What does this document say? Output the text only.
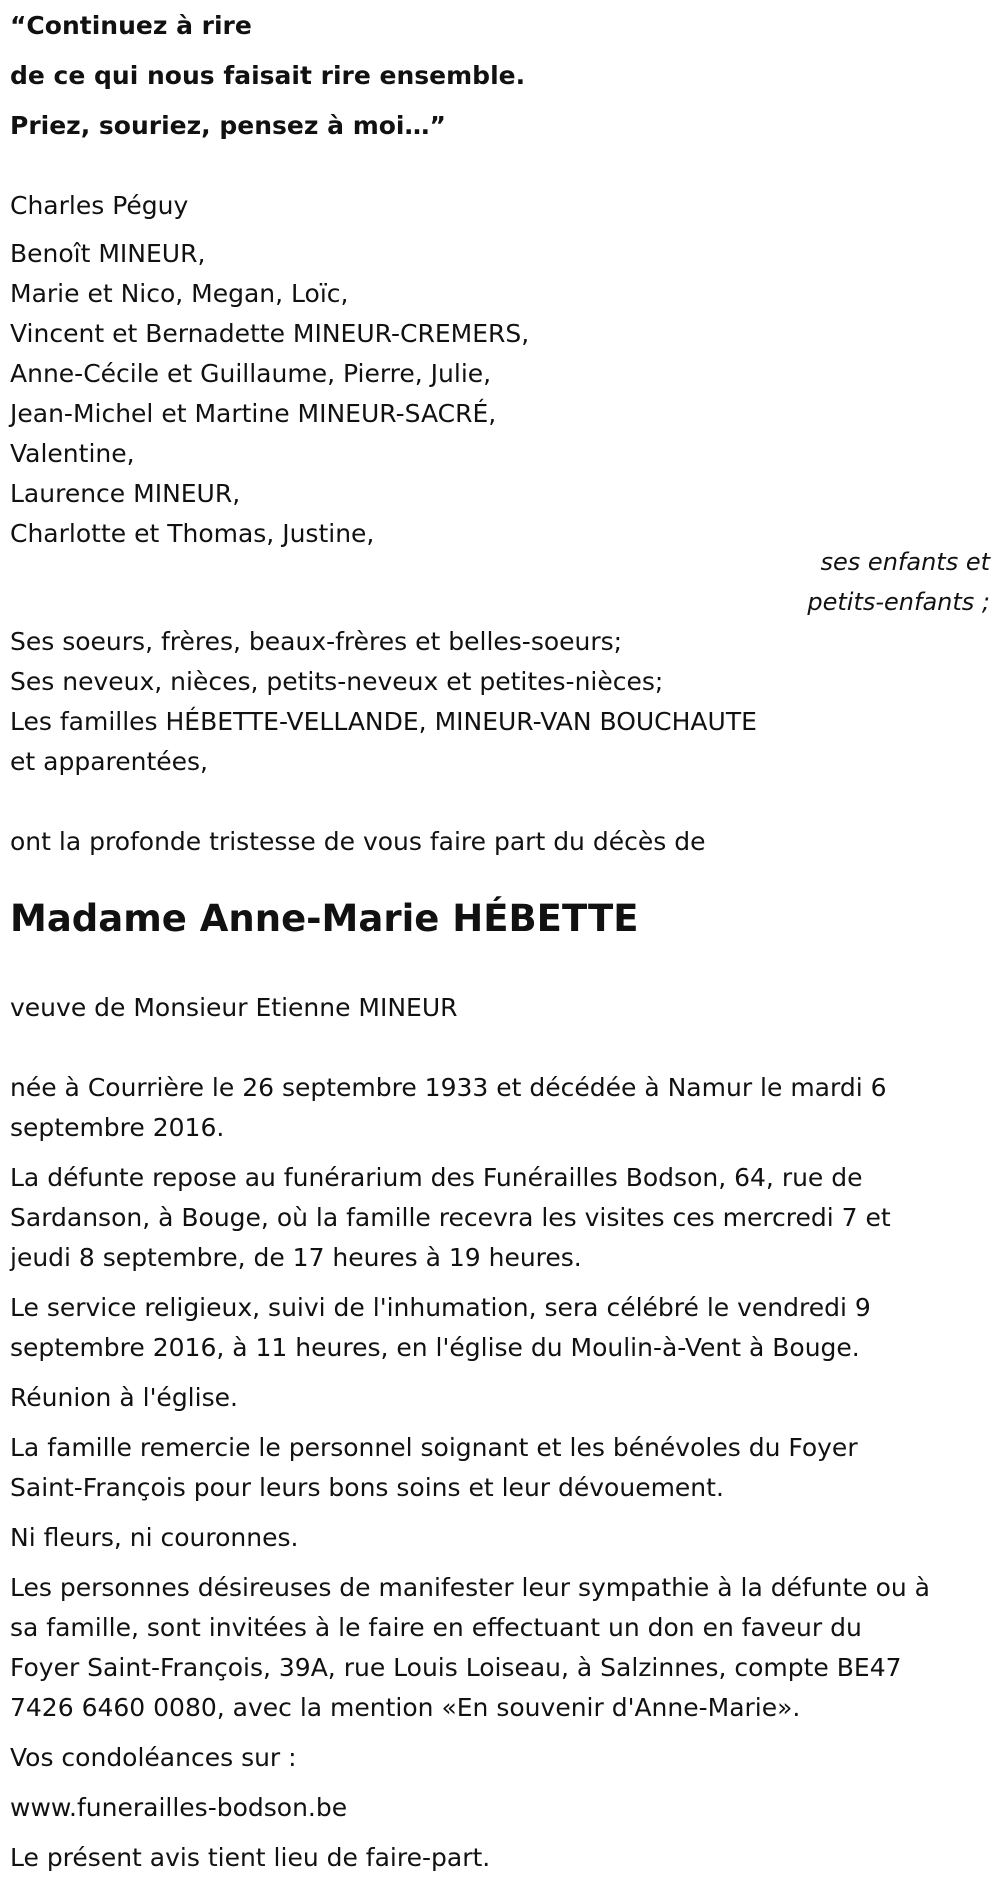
“Continuez à rire
de ce qui nous faisait rire ensemble.
Priez, souriez, pensez à moi…”
Charles Péguy
Benoît MINEUR,
Marie et Nico, Megan, Loïc,
Vincent et Bernadette MINEUR-CREMERS,
Anne-Cécile et Guillaume, Pierre, Julie,
Jean-Michel et Martine MINEUR-SACRÉ,
Valentine,
Laurence MINEUR,
Charlotte et Thomas, Justine,
ses enfants et
petits-enfants ;
Ses soeurs, frères, beaux-frères et belles-soeurs;
Ses neveux, nièces, petits-neveux et petites-nièces;
Les familles HÉBETTE-VELLANDE, MINEUR-VAN BOUCHAUTE
et apparentées,
ont la profonde tristesse de vous faire part du décès de
Madame Anne-Marie HÉBETTE
veuve de Monsieur Etienne MINEUR
née à Courrière le 26 septembre 1933 et décédée à Namur le mardi 6
septembre 2016.
La défunte repose au funérarium des Funérailles Bodson, 64, rue de
Sardanson, à Bouge, où la famille recevra les visites ces mercredi 7 et
jeudi 8 septembre, de 17 heures à 19 heures.
Le service religieux, suivi de l'inhumation, sera célébré le vendredi 9
septembre 2016, à 11 heures, en l'église du Moulin-à-Vent à Bouge.
Réunion à l'église.
La famille remercie le personnel soignant et les bénévoles du Foyer
Saint-François pour leurs bons soins et leur dévouement.
Ni fleurs, ni couronnes.
Les personnes désireuses de manifester leur sympathie à la défunte ou à
sa famille, sont invitées à le faire en effectuant un don en faveur du
Foyer Saint-François, 39A, rue Louis Loiseau, à Salzinnes, compte BE47
7426 6460 0080, avec la mention «En souvenir d'Anne-Marie».
Vos condoléances sur :
www.funerailles-bodson.be
Le présent avis tient lieu de faire-part.
